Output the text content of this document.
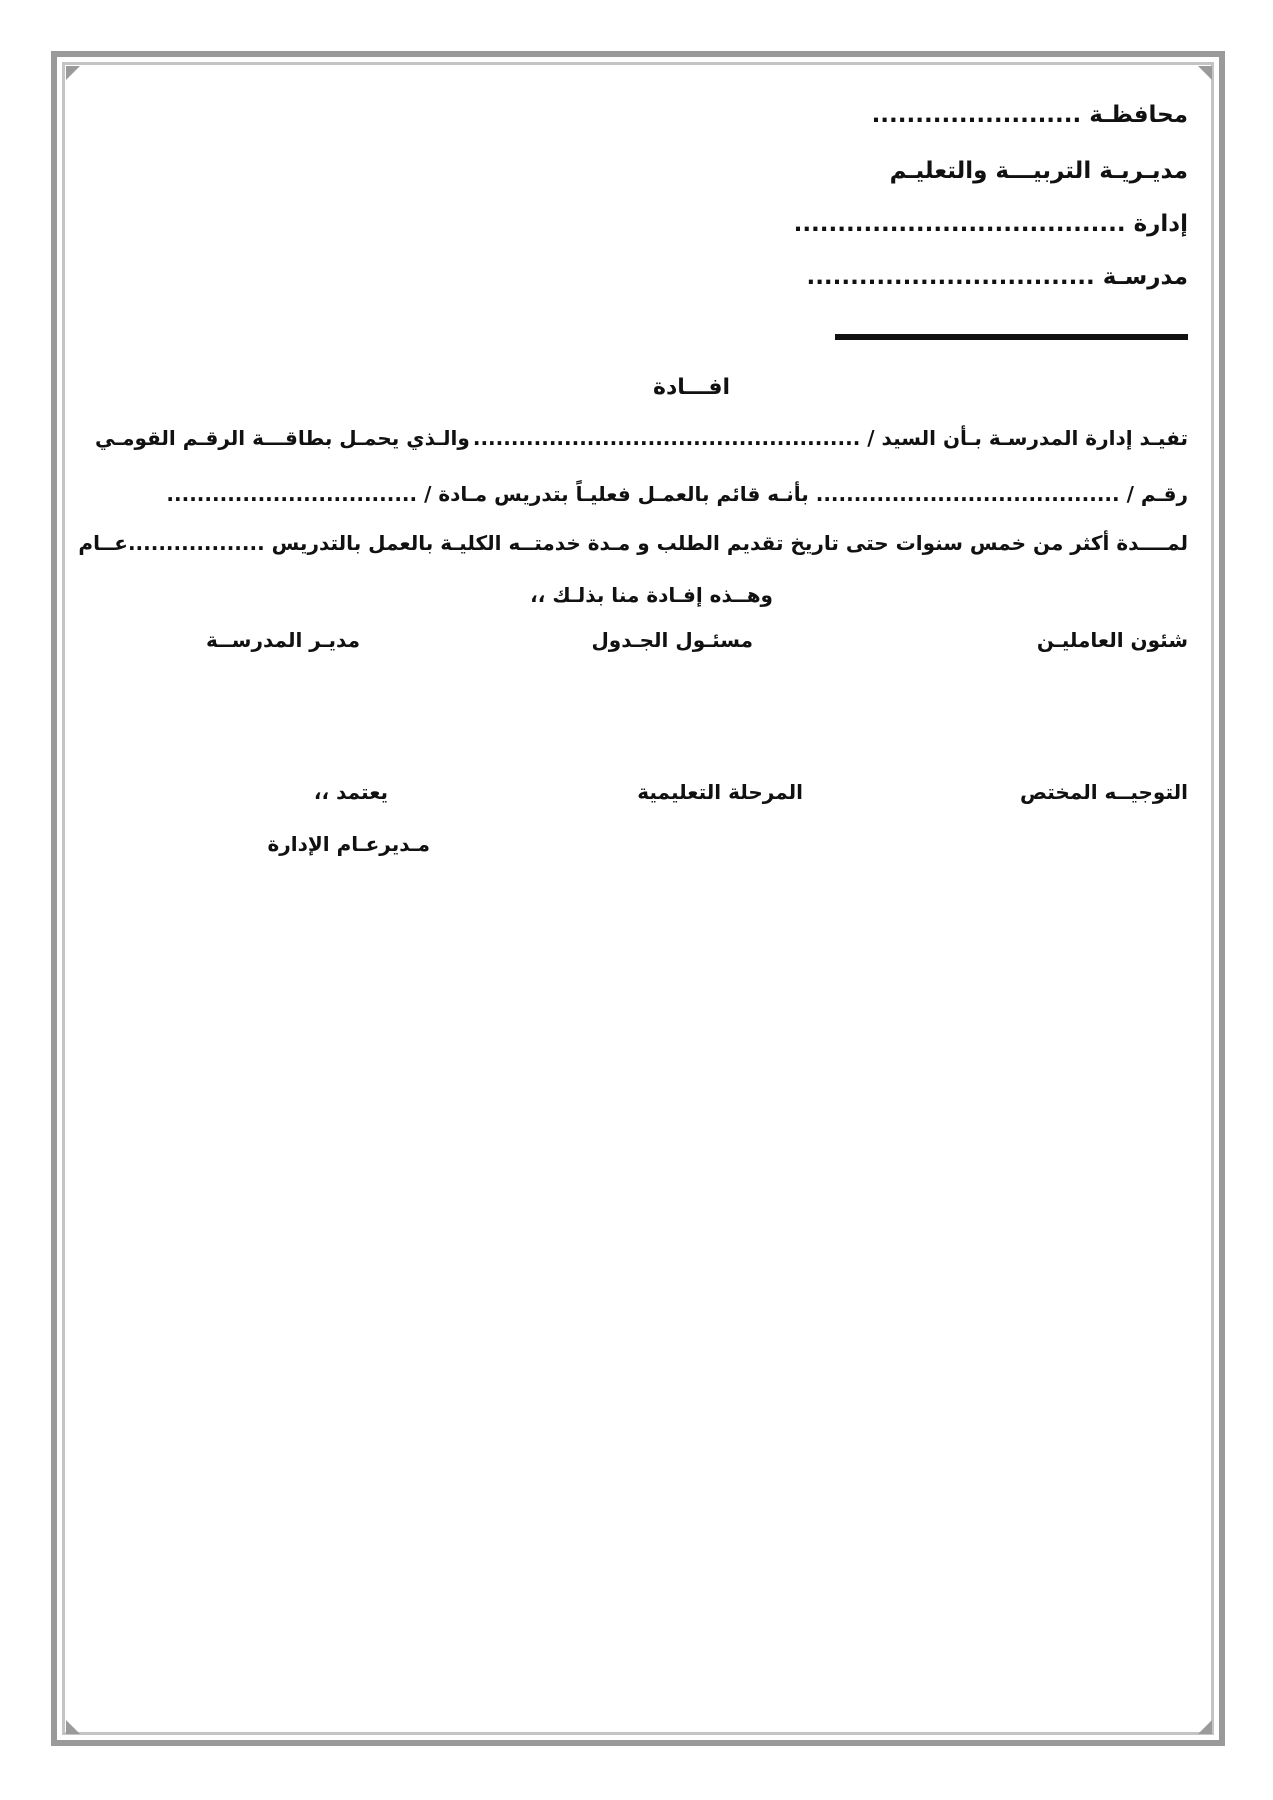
محافظـة ........................
مديـريـة التربيـــة والتعليـم
إدارة ......................................
مدرسـة .................................
افـــادة
تفيـد إدارة المدرسـة بـأن السيد / ...................................................
والـذي يحمـل بطاقـــة الرقـم القومـي
رقـم / ........................................ بأنـه قائم بالعمـل فعليـاً بتدريس مـادة / .................................
لمــــدة أكثر من خمس سنوات حتى تاريخ تقديم الطلب و مـدة خدمتــه الكليـة بالعمل بالتدريس ..................
عــام
وهــذه إفـادة منا بذلـك ،،
شئون العامليـن
مسئـول الجـدول
مديـر المدرســة
التوجيــه المختص
المرحلة التعليمية
يعتمد ،،
مـديرعـام الإدارة
